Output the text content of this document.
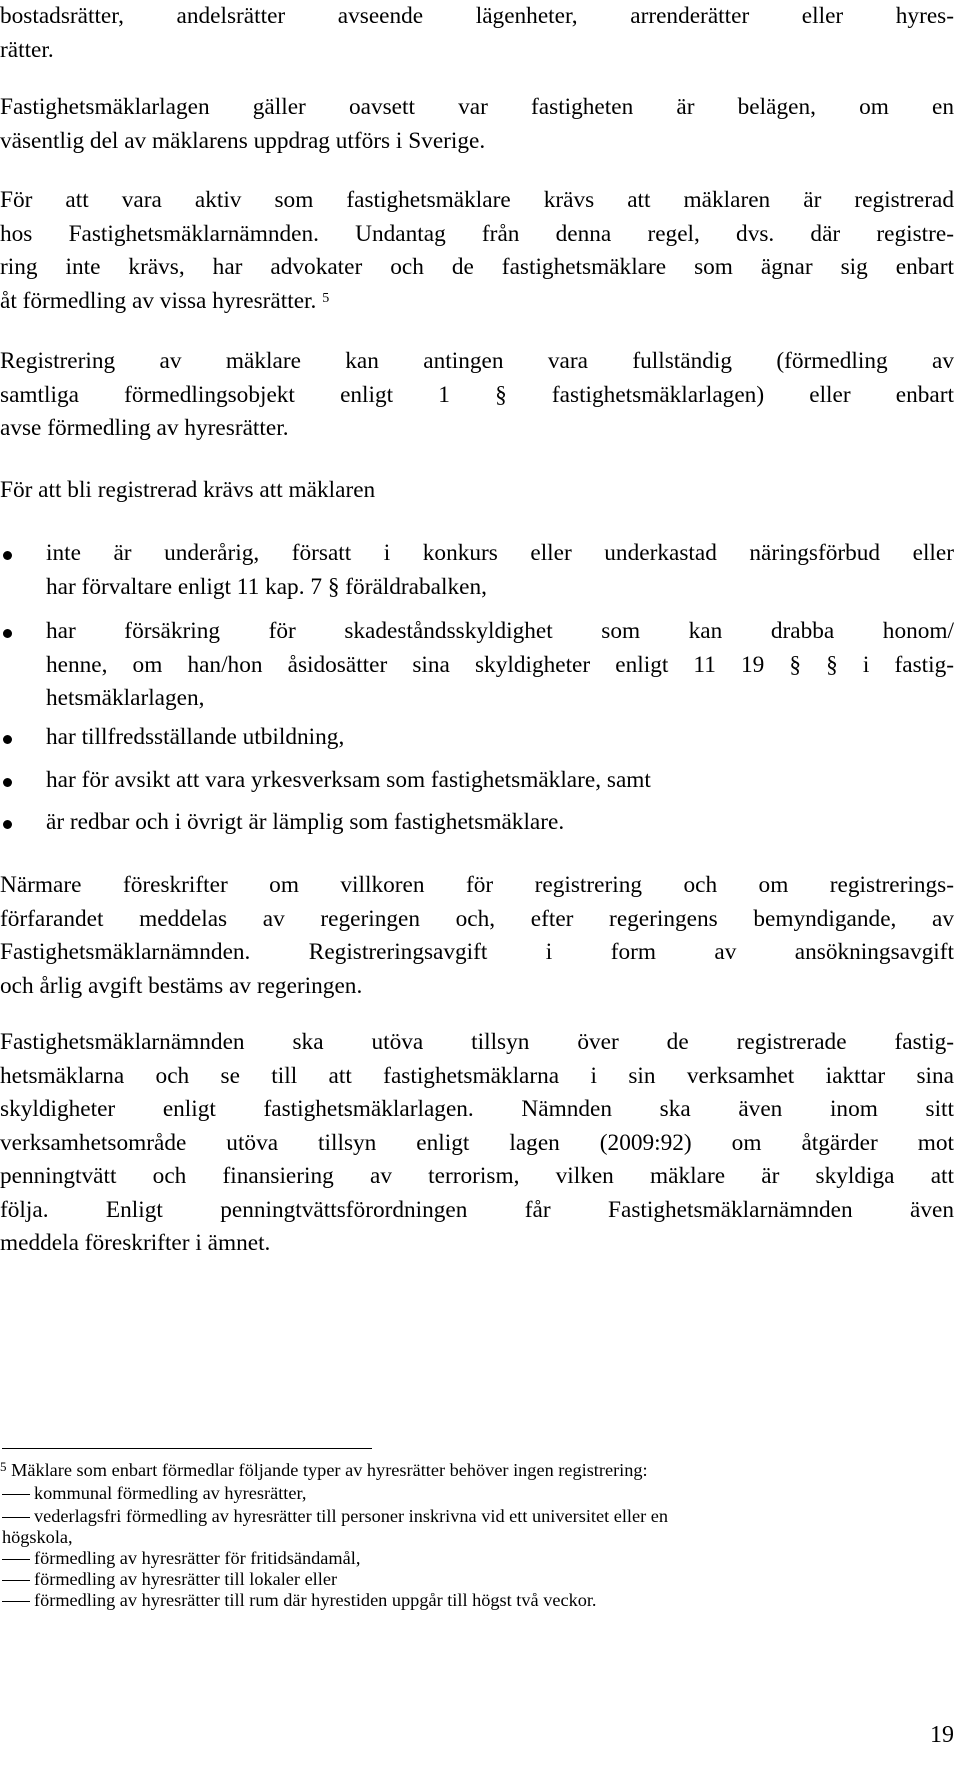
bostadsrätter, andelsrätter avseende lägenheter, arrenderätter eller hyres-
rätter.
Fastighetsmäklarlagen gäller oavsett var fastigheten är belägen, om en
väsentlig del av mäklarens uppdrag utförs i Sverige.
För att vara aktiv som fastighetsmäklare krävs att mäklaren är registrerad
hos Fastighetsmäklarnämnden. Undantag från denna regel, dvs. där registre-
ring inte krävs, har advokater och de fastighetsmäklare som ägnar sig enbart
åt förmedling av vissa hyresrätter. $^5$
Registrering av mäklare kan antingen vara fullständig (förmedling av
samtliga förmedlingsobjekt enligt 1 § fastighetsmäklarlagen) eller enbart
avse förmedling av hyresrätter.
För att bli registrerad krävs att mäklaren
inte är underårig, försatt i konkurs eller underkastad näringsförbud eller
har förvaltare enligt 11 kap. 7 § föräldrabalken,
har försäkring för skadeståndsskyldighet som kan drabba honom/
henne, om han/hon åsidosätter sina skyldigheter enligt 11 19 § § i fastig-
hetsmäklarlagen,
har tillfredsställande utbildning,
har för avsikt att vara yrkesverksam som fastighetsmäklare, samt
är redbar och i övrigt är lämplig som fastighetsmäklare.
Närmare föreskrifter om villkoren för registrering och om registrerings-
förfarandet meddelas av regeringen och, efter regeringens bemyndigande, av
Fastighetsmäklarnämnden. Registreringsavgift i form av ansökningsavgift
och årlig avgift bestäms av regeringen.
Fastighetsmäklarnämnden ska utöva tillsyn över de registrerade fastig-
hetsmäklarna och se till att fastighetsmäklarna i sin verksamhet iakttar sina
skyldigheter enligt fastighetsmäklarlagen. Nämnden ska även inom sitt
verksamhetsområde utöva tillsyn enligt lagen (2009:92) om åtgärder mot
penningtvätt och finansiering av terrorism, vilken mäklare är skyldiga att
följa. Enligt penningtvättsförordningen får Fastighetsmäklarnämnden även
meddela föreskrifter i ämnet.
$^5$ Mäklare som enbart förmedlar följande typer av hyresrätter behöver ingen registrering:
kommunal förmedling av hyresrätter,
vederlagsfri förmedling av hyresrätter till personer inskrivna vid ett universitet eller en
högskola,
förmedling av hyresrätter för fritidsändamål,
förmedling av hyresrätter till lokaler eller
förmedling av hyresrätter till rum där hyrestiden uppgår till högst två veckor.
19
